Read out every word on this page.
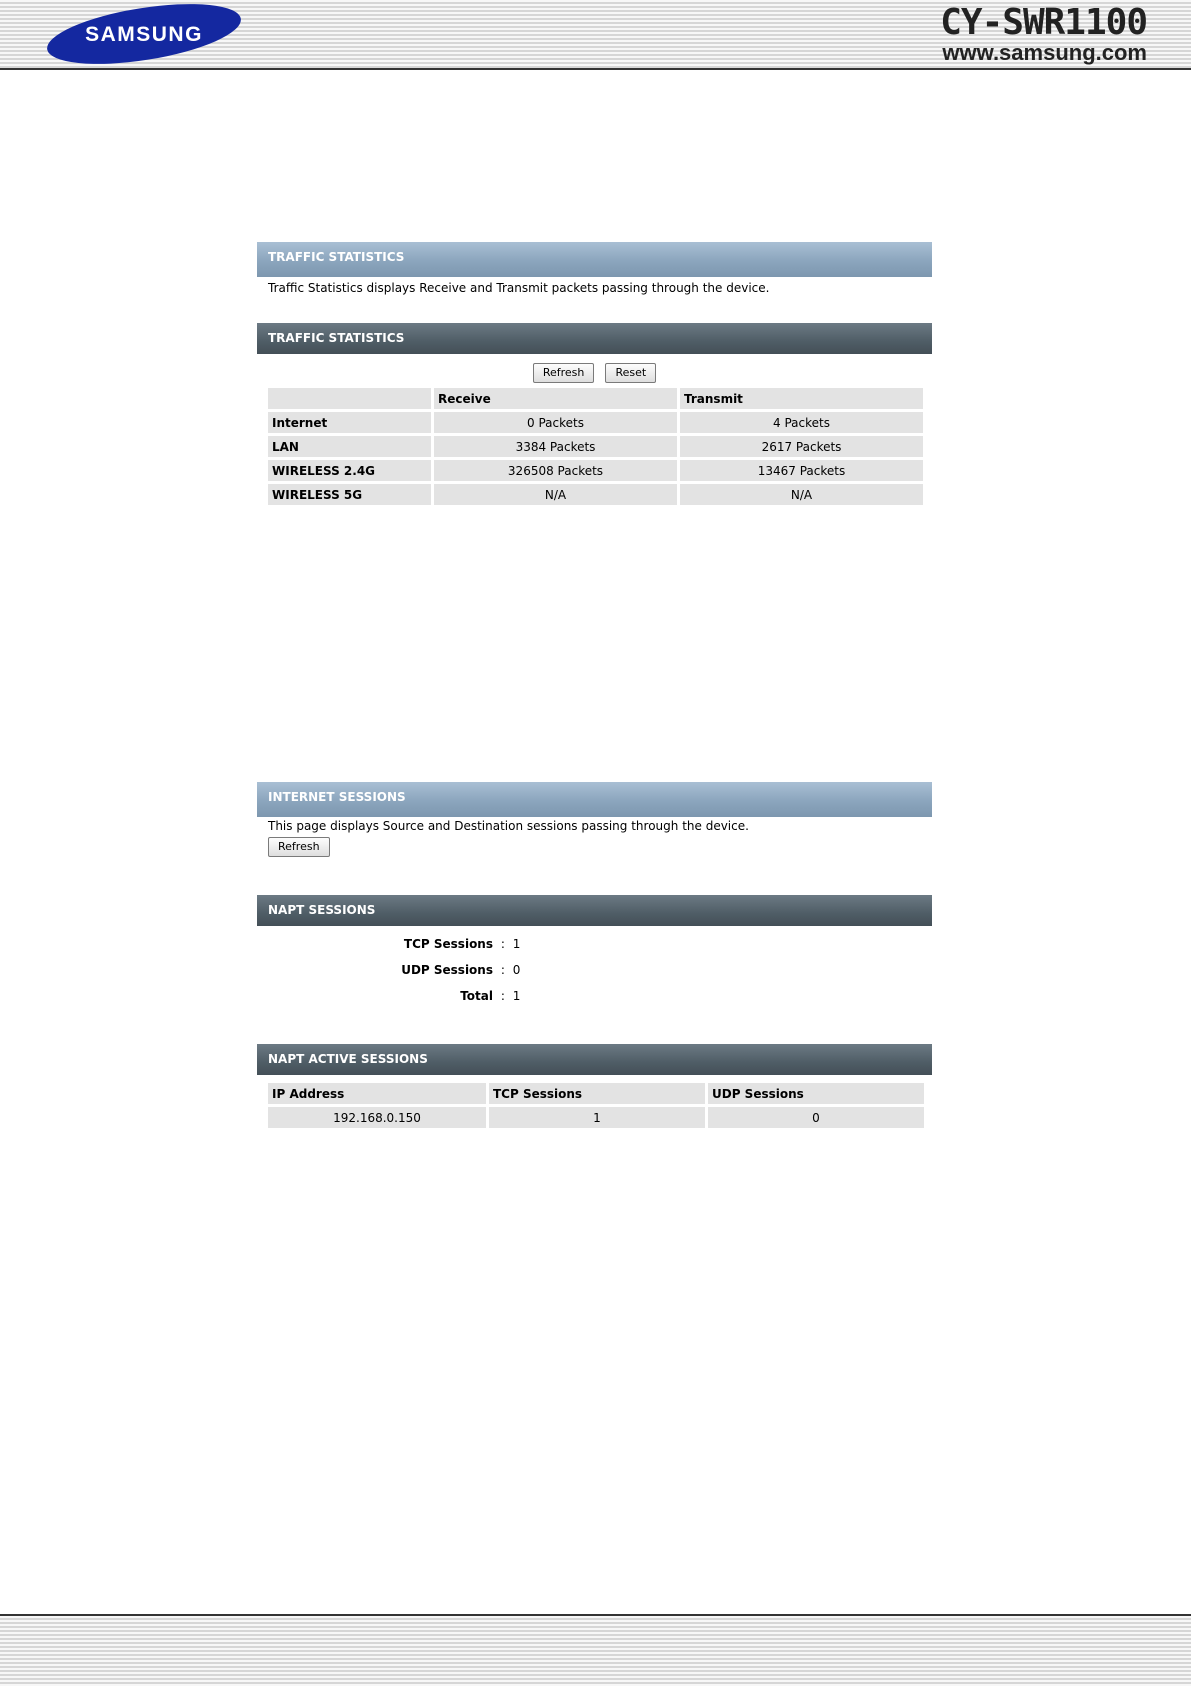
SAMSUNG	CY-SWR1100
www.samsung.com
TRAFFIC STATISTICS
Traffic Statistics displays Receive and Transmit packets passing through the device.
TRAFFIC STATISTICS
Refresh	Reset
	Receive	Transmit
Internet	0 Packets	4 Packets
LAN	3384 Packets	2617 Packets
WIRELESS 2.4G	326508 Packets	13467 Packets
WIRELESS 5G	N/A	N/A
INTERNET SESSIONS
This page displays Source and Destination sessions passing through the device.
Refresh
NAPT SESSIONS
TCP Sessions : 1
UDP Sessions : 0
Total : 1
NAPT ACTIVE SESSIONS
IP Address	TCP Sessions	UDP Sessions
192.168.0.150	1	0
